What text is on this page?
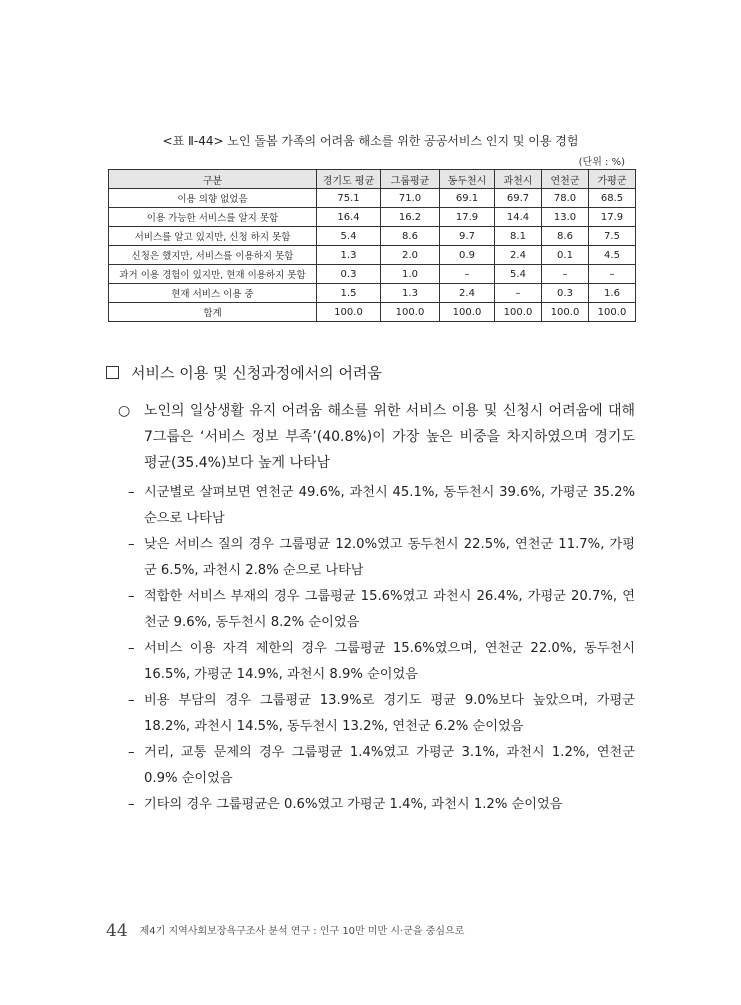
<표 Ⅱ-44> 노인 돌봄 가족의 어려움 해소를 위한 공공서비스 인지 및 이용 경험
(단위 : %)
구분	경기도 평균	그룹평균	동두천시	과천시	연천군	가평군
이용 의향 없었음	75.1	71.0	69.1	69.7	78.0	68.5
이용 가능한 서비스를 알지 못함	16.4	16.2	17.9	14.4	13.0	17.9
서비스를 알고 있지만, 신청 하지 못함	5.4	8.6	9.7	8.1	8.6	7.5
신청은 했지만, 서비스를 이용하지 못함	1.3	2.0	0.9	2.4	0.1	4.5
과거 이용 경험이 있지만, 현재 이용하지 못함	0.3	1.0	–	5.4	–	–
현재 서비스 이용 중	1.5	1.3	2.4	–	0.3	1.6
합계	100.0	100.0	100.0	100.0	100.0	100.0
서비스 이용 및 신청과정에서의 어려움
○ 노인의 일상생활 유지 어려움 해소를 위한 서비스 이용 및 신청시 어려움에 대해 7그룹은 ‘서비스 정보 부족’(40.8%)이 가장 높은 비중을 차지하였으며 경기도 평균(35.4%)보다 높게 나타남
– 시군별로 살펴보면 연천군 49.6%, 과천시 45.1%, 동두천시 39.6%, 가평군 35.2% 순으로 나타남
– 낮은 서비스 질의 경우 그룹평균 12.0%였고 동두천시 22.5%, 연천군 11.7%, 가평군 6.5%, 과천시 2.8% 순으로 나타남
– 적합한 서비스 부재의 경우 그룹평균 15.6%였고 과천시 26.4%, 가평군 20.7%, 연천군 9.6%, 동두천시 8.2% 순이었음
– 서비스 이용 자격 제한의 경우 그룹평균 15.6%였으며, 연천군 22.0%, 동두천시 16.5%, 가평군 14.9%, 과천시 8.9% 순이었음
– 비용 부담의 경우 그룹평균 13.9%로 경기도 평균 9.0%보다 높았으며, 가평군 18.2%, 과천시 14.5%, 동두천시 13.2%, 연천군 6.2% 순이었음
– 거리, 교통 문제의 경우 그룹평균 1.4%였고 가평군 3.1%, 과천시 1.2%, 연천군 0.9% 순이었음
– 기타의 경우 그룹평균은 0.6%였고 가평군 1.4%, 과천시 1.2% 순이었음
44 제4기 지역사회보장욕구조사 분석 연구 : 인구 10만 미만 시·군을 중심으로
